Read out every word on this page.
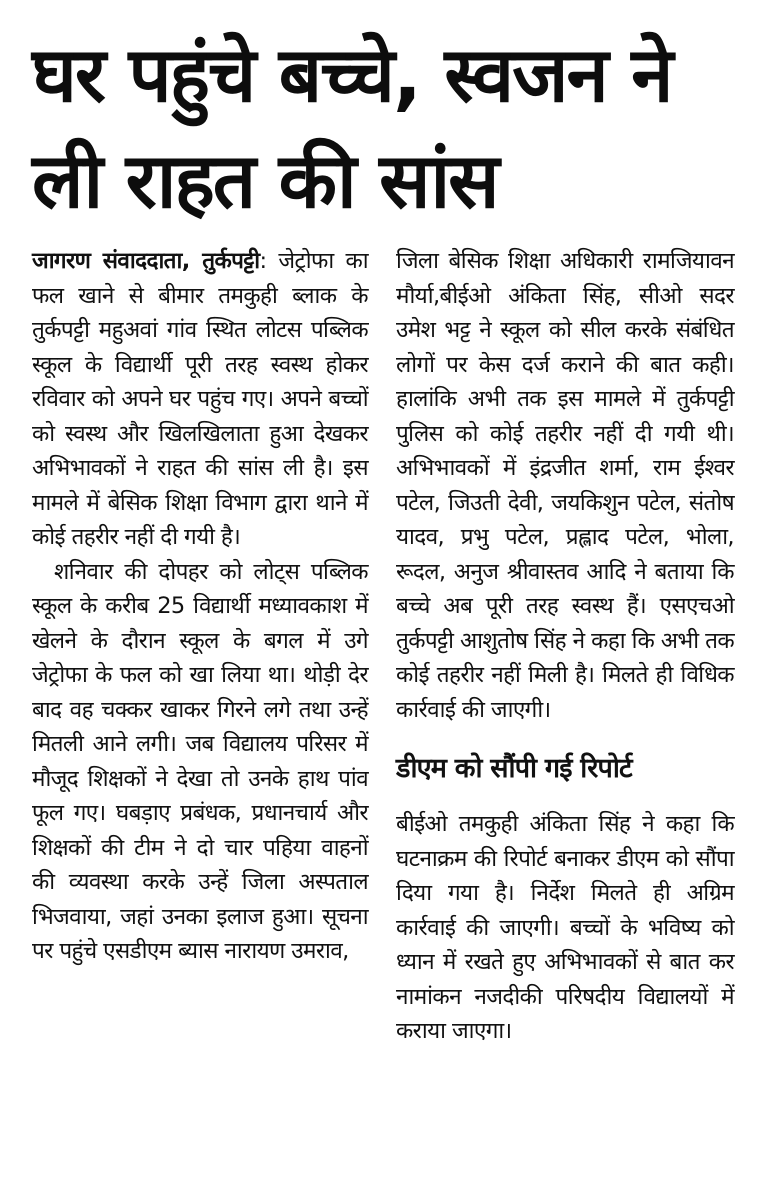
घर पहुंचे बच्चे, स्वजन ने
ली राहत की सांस

जागरण संवाददाता, तुर्कपट्टी: जेट्रोफा का फल खाने से बीमार तमकुही ब्लाक के तुर्कपट्टी महुअवां गांव स्थित लोटस पब्लिक स्कूल के विद्यार्थी पूरी तरह स्वस्थ होकर रविवार को अपने घर पहुंच गए। अपने बच्चों को स्वस्थ और खिलखिलाता हुआ देखकर अभिभावकों ने राहत की सांस ली है। इस मामले में बेसिक शिक्षा विभाग द्वारा थाने में कोई तहरीर नहीं दी गयी है।

शनिवार की दोपहर को लोट्स पब्लिक स्कूल के करीब 25 विद्यार्थी मध्यावकाश में खेलने के दौरान स्कूल के बगल में उगे जेट्रोफा के फल को खा लिया था। थोड़ी देर बाद वह चक्कर खाकर गिरने लगे तथा उन्हें मितली आने लगी। जब विद्यालय परिसर में मौजूद शिक्षकों ने देखा तो उनके हाथ पांव फूल गए। घबड़ाए प्रबंधक, प्रधानचार्य और शिक्षकों की टीम ने दो चार पहिया वाहनों की व्यवस्था करके उन्हें जिला अस्पताल भिजवाया, जहां उनका इलाज हुआ। सूचना पर पहुंचे एसडीएम ब्यास नारायण उमराव,

जिला बेसिक शिक्षा अधिकारी रामजियावन मौर्या,बीईओ अंकिता सिंह, सीओ सदर उमेश भट्ट ने स्कूल को सील करके संबंधित लोगों पर केस दर्ज कराने की बात कही। हालांकि अभी तक इस मामले में तुर्कपट्टी पुलिस को कोई तहरीर नहीं दी गयी थी। अभिभावकों में इंद्रजीत शर्मा, राम ईश्वर पटेल, जिउती देवी, जयकिशुन पटेल, संतोष यादव, प्रभु पटेल, प्रह्लाद पटेल, भोला, रूदल, अनुज श्रीवास्तव आदि ने बताया कि बच्चे अब पूरी तरह स्वस्थ हैं। एसएचओ तुर्कपट्टी आशुतोष सिंह ने कहा कि अभी तक कोई तहरीर नहीं मिली है। मिलते ही विधिक कार्रवाई की जाएगी।

डीएम को सौंपी गई रिपोर्ट

बीईओ तमकुही अंकिता सिंह ने कहा कि घटनाक्रम की रिपोर्ट बनाकर डीएम को सौंपा दिया गया है। निर्देश मिलते ही अग्रिम कार्रवाई की जाएगी। बच्चों के भविष्य को ध्यान में रखते हुए अभिभावकों से बात कर नामांकन नजदीकी परिषदीय विद्यालयों में कराया जाएगा।
